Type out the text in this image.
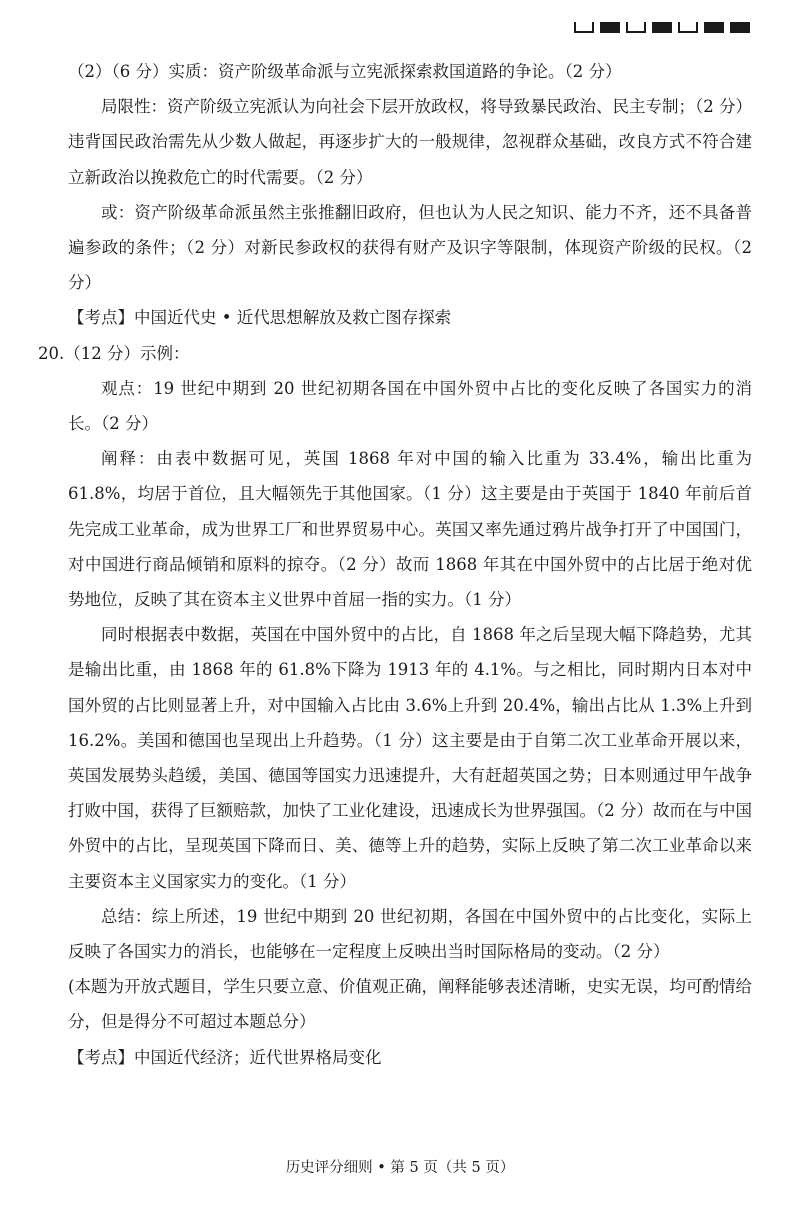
（2）（6 分）实质：资产阶级革命派与立宪派探索救国道路的争论。（2 分）

局限性：资产阶级立宪派认为向社会下层开放政权，将导致暴民政治、民主专制；（2 分）违背国民政治需先从少数人做起，再逐步扩大的一般规律，忽视群众基础，改良方式不符合建立新政治以挽救危亡的时代需要。（2 分）

或：资产阶级革命派虽然主张推翻旧政府，但也认为人民之知识、能力不齐，还不具备普遍参政的条件；（2 分）对新民参政权的获得有财产及识字等限制，体现资产阶级的民权。（2 分）

【考点】中国近代史 • 近代思想解放及救亡图存探索

20.（12 分）示例：

观点：19 世纪中期到 20 世纪初期各国在中国外贸中占比的变化反映了各国实力的消长。（2 分）

阐释：由表中数据可见，英国 1868 年对中国的输入比重为 33.4%，输出比重为 61.8%，均居于首位，且大幅领先于其他国家。（1 分）这主要是由于英国于 1840 年前后首先完成工业革命，成为世界工厂和世界贸易中心。英国又率先通过鸦片战争打开了中国国门，对中国进行商品倾销和原料的掠夺。（2 分）故而 1868 年其在中国外贸中的占比居于绝对优势地位，反映了其在资本主义世界中首屈一指的实力。（1 分）

同时根据表中数据，英国在中国外贸中的占比，自 1868 年之后呈现大幅下降趋势，尤其是输出比重，由 1868 年的 61.8%下降为 1913 年的 4.1%。与之相比，同时期内日本对中国外贸的占比则显著上升，对中国输入占比由 3.6%上升到 20.4%，输出占比从 1.3%上升到 16.2%。美国和德国也呈现出上升趋势。（1 分）这主要是由于自第二次工业革命开展以来，英国发展势头趋缓，美国、德国等国实力迅速提升，大有赶超英国之势；日本则通过甲午战争打败中国，获得了巨额赔款，加快了工业化建设，迅速成长为世界强国。（2 分）故而在与中国外贸中的占比，呈现英国下降而日、美、德等上升的趋势，实际上反映了第二次工业革命以来主要资本主义国家实力的变化。（1 分）

总结：综上所述，19 世纪中期到 20 世纪初期，各国在中国外贸中的占比变化，实际上反映了各国实力的消长，也能够在一定程度上反映出当时国际格局的变动。（2 分）

(本题为开放式题目，学生只要立意、价值观正确，阐释能够表述清晰，史实无误，均可酌情给分，但是得分不可超过本题总分）

【考点】中国近代经济；近代世界格局变化

历史评分细则 • 第 5 页（共 5 页）
